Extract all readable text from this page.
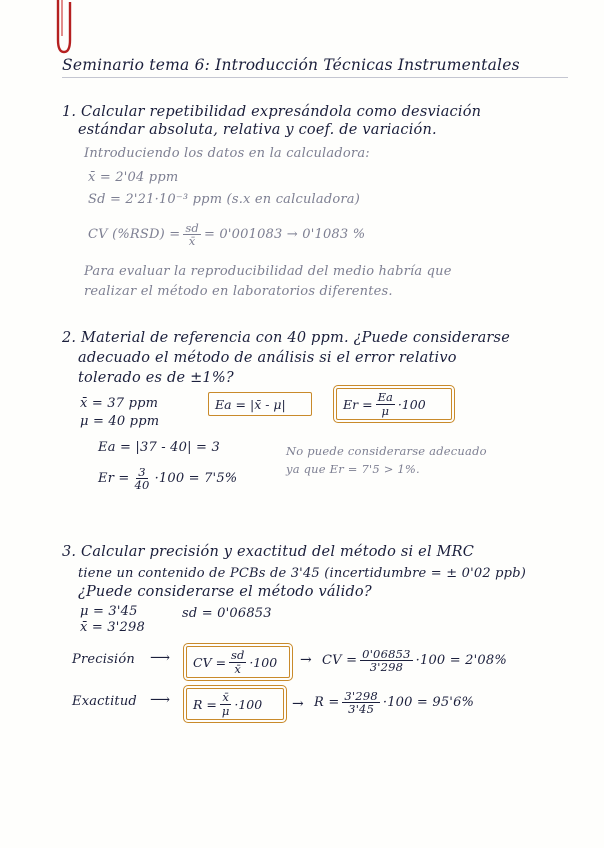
Seminario tema 6: Introducción Técnicas Instrumentales
1. Calcular repetibilidad expresándola como desviación
estándar absoluta, relativa y coef. de variación.
Introduciendo los datos en la calculadora:
x̄ = 2'04 ppm
Sd = 2'21·10⁻³ ppm (s.x en calculadora)
CV $(\%RSD) = \frac{sd}{x̄} = 0'001083 \to 0'1083$ %
Para evaluar la reproducibilidad del medio habría que
realizar el método en laboratorios diferentes.
2. Material de referencia con 40 ppm. ¿Puede considerarse
adecuado el método de análisis si el error relativo
tolerado es de ±1%?
x̄ = 37 ppm
μ = 40 ppm
Ea = |x̄ - μ|	$Er = \frac{Ea}{\mu} \cdot 100$
Ea = |37 - 40| = 3
$Er = \frac{3}{40} \cdot 100 = 7'5\%$
No puede considerarse adecuado
ya que Er = 7'5 > 1%.
3. Calcular precisión y exactitud del método si el MRC
tiene un contenido de PCBs de 3'45 (incertidumbre = ± 0'02 ppb)
¿Puede considerarse el método válido?
μ = 3'45
x̄ = 3'298
sd = 0'06853
Precisión ⟶ CV = $\frac{sd}{x̄} \cdot 100$ → CV = $\frac{0'06853}{3'298} \cdot 100 = 2'08\%$
Exactitud ⟶ $R = \frac{x̄}{\mu} \cdot 100 \to R = \frac{3'298}{3'45} \cdot 100 = 95'6\%$
